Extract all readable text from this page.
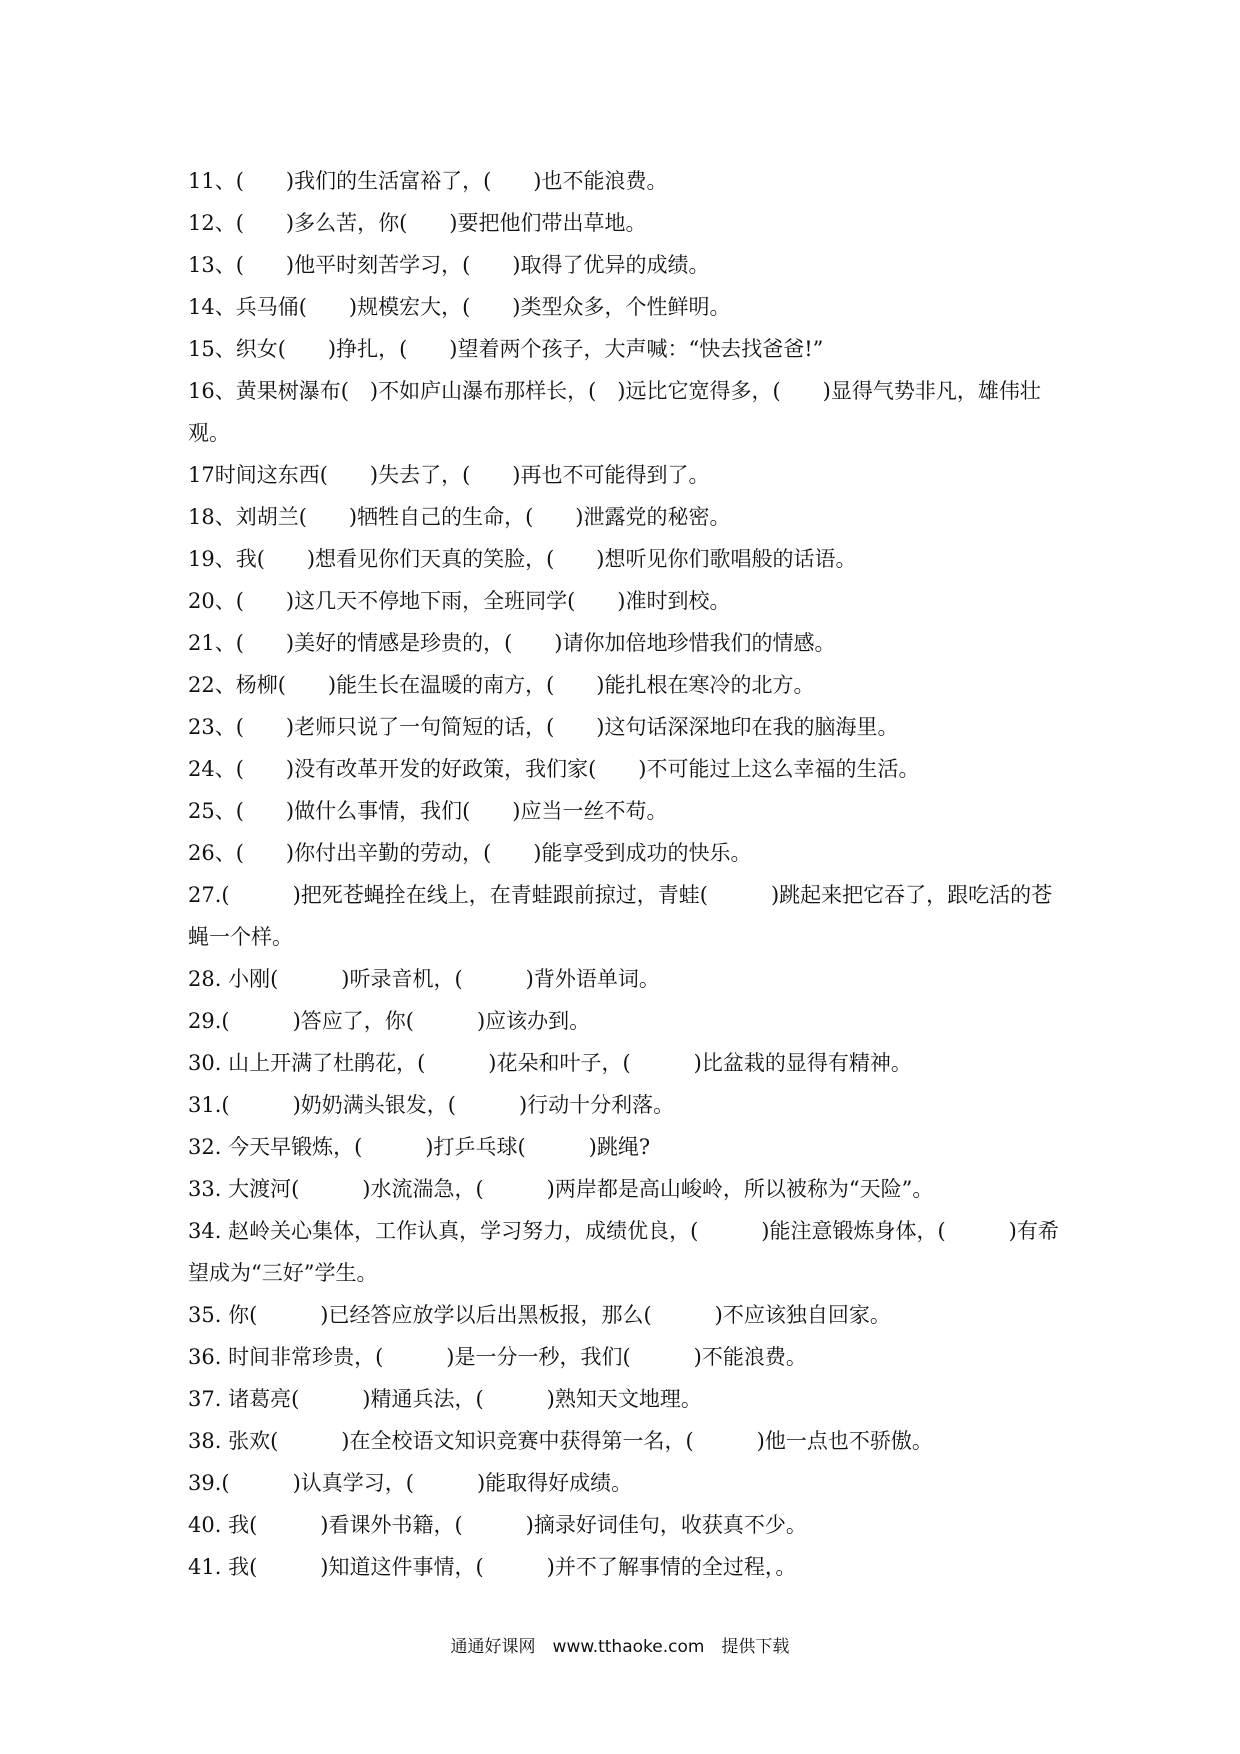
11、(　　)我们的生活富裕了，(　　)也不能浪费。

12、(　　)多么苦，你(　　)要把他们带出草地。

13、(　　)他平时刻苦学习，(　　)取得了优异的成绩。

14、兵马俑(　　)规模宏大，(　　)类型众多，个性鲜明。

15、织女(　　)挣扎，(　　)望着两个孩子，大声喊：“快去找爸爸!”

16、黄果树瀑布(　)不如庐山瀑布那样长，(　)远比它宽得多，(　　)显得气势非凡，雄伟壮观。

17时间这东西(　　)失去了，(　　)再也不可能得到了。

18、刘胡兰(　　)牺牲自己的生命，(　　)泄露党的秘密。

19、我(　　)想看见你们天真的笑脸，(　　)想听见你们歌唱般的话语。

20、(　　)这几天不停地下雨，全班同学(　　)准时到校。

21、(　　)美好的情感是珍贵的，(　　)请你加倍地珍惜我们的情感。

22、杨柳(　　)能生长在温暖的南方，(　　)能扎根在寒冷的北方。

23、(　　)老师只说了一句简短的话，(　　)这句话深深地印在我的脑海里。

24、(　　)没有改革开发的好政策，我们家(　　)不可能过上这么幸福的生活。

25、(　　)做什么事情，我们(　　)应当一丝不苟。

26、(　　)你付出辛勤的劳动，(　　)能享受到成功的快乐。

27.(　　　)把死苍蝇拴在线上，在青蛙跟前掠过，青蛙(　　　)跳起来把它吞了，跟吃活的苍蝇一个样。

28. 小刚(　　　)听录音机，(　　　)背外语单词。

29.(　　　)答应了，你(　　　)应该办到。

30. 山上开满了杜鹃花，(　　　)花朵和叶子，(　　　)比盆栽的显得有精神。

31.(　　　)奶奶满头银发，(　　　)行动十分利落。

32. 今天早锻炼，(　　　)打乒乓球(　　　)跳绳?

33. 大渡河(　　　)水流湍急，(　　　)两岸都是高山峻岭，所以被称为“天险”。

34. 赵岭关心集体，工作认真，学习努力，成绩优良，(　　　)能注意锻炼身体，(　　　)有希望成为“三好”学生。

35. 你(　　　)已经答应放学以后出黑板报，那么(　　　)不应该独自回家。

36. 时间非常珍贵，(　　　)是一分一秒，我们(　　　)不能浪费。

37. 诸葛亮(　　　)精通兵法，(　　　)熟知天文地理。

38. 张欢(　　　)在全校语文知识竞赛中获得第一名，(　　　)他一点也不骄傲。

39.(　　　)认真学习，(　　　)能取得好成绩。

40. 我(　　　)看课外书籍，(　　　)摘录好词佳句，收获真不少。

41. 我(　　　)知道这件事情，(　　　)并不了解事情的全过程，。

通通好课网　www.tthaoke.com　提供下载
